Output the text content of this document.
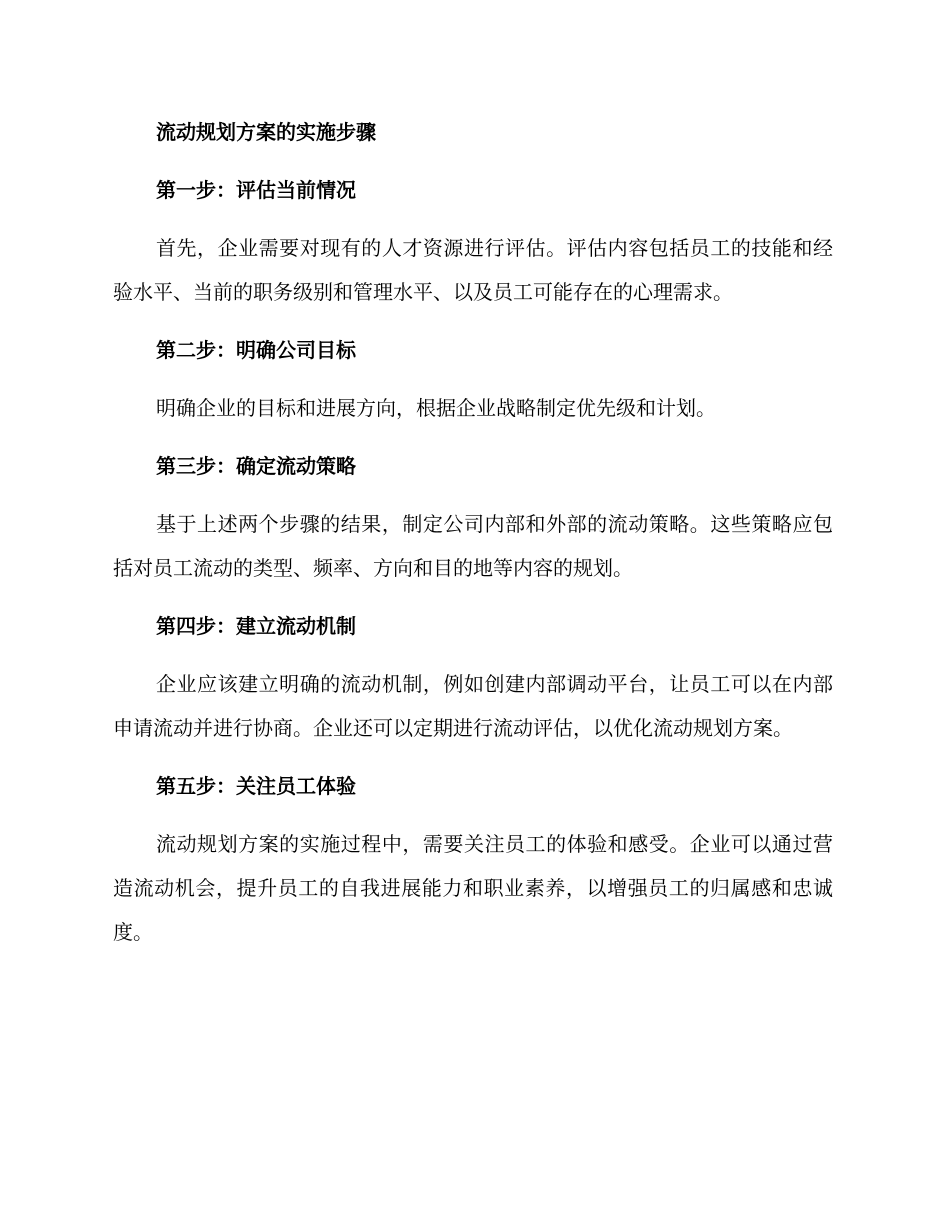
流动规划方案的实施步骤
第一步：评估当前情况
首先，企业需要对现有的人才资源进行评估。评估内容包括员工的技能和经验水平、当前的职务级别和管理水平、以及员工可能存在的心理需求。
第二步：明确公司目标
明确企业的目标和进展方向，根据企业战略制定优先级和计划。
第三步：确定流动策略
基于上述两个步骤的结果，制定公司内部和外部的流动策略。这些策略应包括对员工流动的类型、频率、方向和目的地等内容的规划。
第四步：建立流动机制
企业应该建立明确的流动机制，例如创建内部调动平台，让员工可以在内部申请流动并进行协商。企业还可以定期进行流动评估，以优化流动规划方案。
第五步：关注员工体验
流动规划方案的实施过程中，需要关注员工的体验和感受。企业可以通过营造流动机会，提升员工的自我进展能力和职业素养，以增强员工的归属感和忠诚度。
